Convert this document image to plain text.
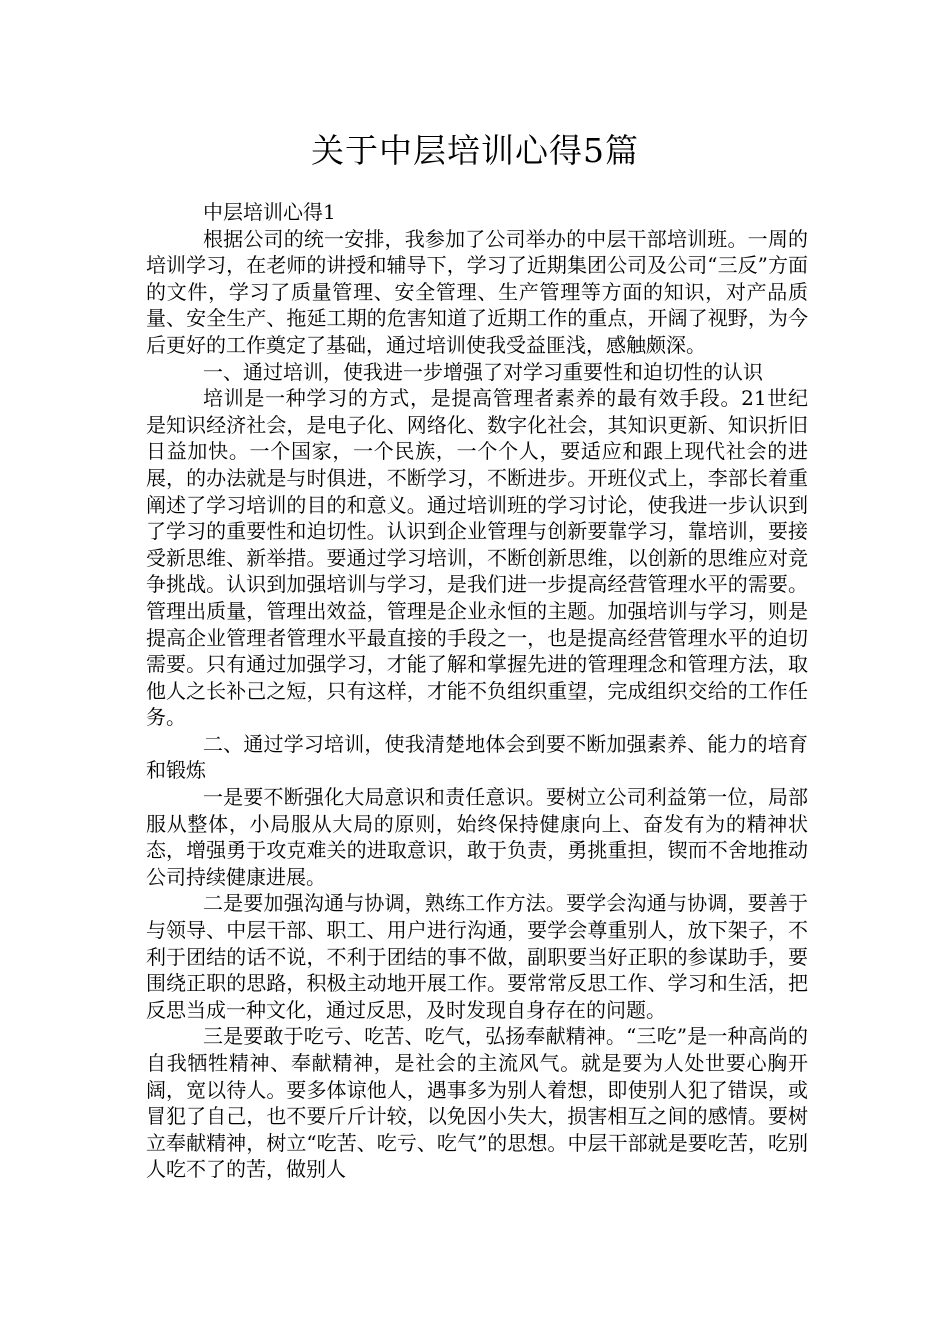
关于中层培训心得5篇

中层培训心得1

根据公司的统一安排，我参加了公司举办的中层干部培训班。一周的培训学习，在老师的讲授和辅导下，学习了近期集团公司及公司“三反”方面的文件，学习了质量管理、安全管理、生产管理等方面的知识，对产品质量、安全生产、拖延工期的危害知道了近期工作的重点，开阔了视野，为今后更好的工作奠定了基础，通过培训使我受益匪浅，感触颇深。

一、通过培训，使我进一步增强了对学习重要性和迫切性的认识

培训是一种学习的方式，是提高管理者素养的最有效手段。21世纪是知识经济社会，是电子化、网络化、数字化社会，其知识更新、知识折旧日益加快。一个国家，一个民族，一个个人，要适应和跟上现代社会的进展，的办法就是与时俱进，不断学习，不断进步。开班仪式上，李部长着重阐述了学习培训的目的和意义。通过培训班的学习讨论，使我进一步认识到了学习的重要性和迫切性。认识到企业管理与创新要靠学习，靠培训，要接受新思维、新举措。要通过学习培训，不断创新思维，以创新的思维应对竞争挑战。认识到加强培训与学习，是我们进一步提高经营管理水平的需要。管理出质量，管理出效益，管理是企业永恒的主题。加强培训与学习，则是提高企业管理者管理水平最直接的手段之一，也是提高经营管理水平的迫切需要。只有通过加强学习，才能了解和掌握先进的管理理念和管理方法，取他人之长补己之短，只有这样，才能不负组织重望，完成组织交给的工作任务。

二、通过学习培训，使我清楚地体会到要不断加强素养、能力的培育和锻炼

一是要不断强化大局意识和责任意识。要树立公司利益第一位，局部服从整体，小局服从大局的原则，始终保持健康向上、奋发有为的精神状态，增强勇于攻克难关的进取意识，敢于负责，勇挑重担，锲而不舍地推动公司持续健康进展。

二是要加强沟通与协调，熟练工作方法。要学会沟通与协调，要善于与领导、中层干部、职工、用户进行沟通，要学会尊重别人，放下架子，不利于团结的话不说，不利于团结的事不做，副职要当好正职的参谋助手，要围绕正职的思路，积极主动地开展工作。要常常反思工作、学习和生活，把反思当成一种文化，通过反思，及时发现自身存在的问题。

三是要敢于吃亏、吃苦、吃气，弘扬奉献精神。“三吃”是一种高尚的自我牺牲精神、奉献精神，是社会的主流风气。就是要为人处世要心胸开阔，宽以待人。要多体谅他人，遇事多为别人着想，即使别人犯了错误，或冒犯了自己，也不要斤斤计较，以免因小失大，损害相互之间的感情。要树立奉献精神，树立“吃苦、吃亏、吃气”的思想。中层干部就是要吃苦，吃别人吃不了的苦，做别人
